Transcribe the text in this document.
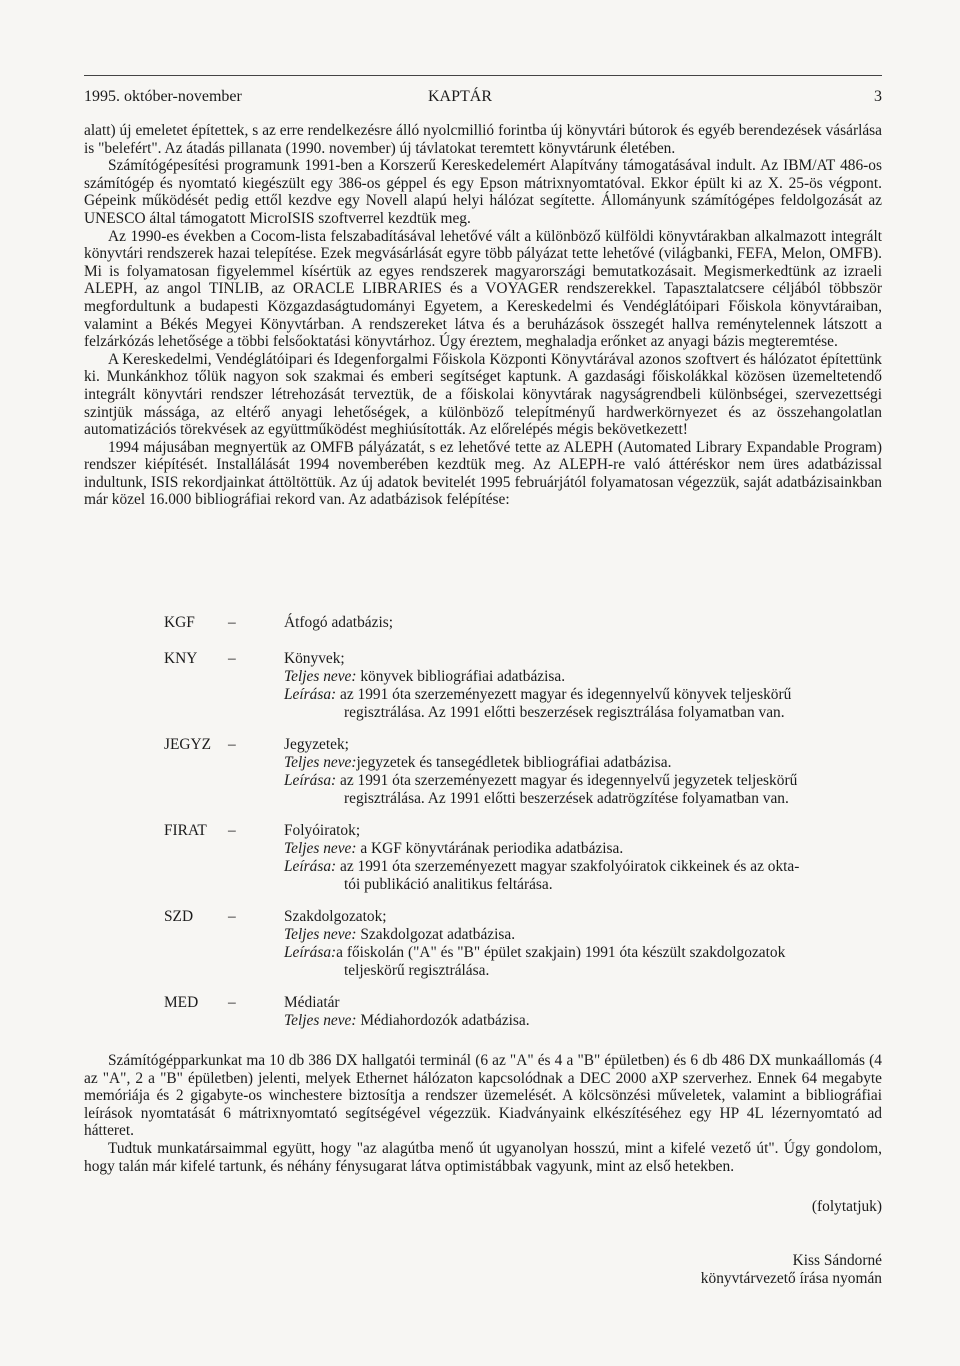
1995. október-november	KAPTÁR	3

alatt) új emeletet építettek, s az erre rendelkezésre álló nyolcmillió forintba új könyvtári bútorok és egyéb berendezések vásárlása is "belefért". Az átadás pillanata (1990. november) új távlatokat teremtett könyvtárunk életében.

Számítógépesítési programunk 1991-ben a Korszerű Kereskedelemért Alapítvány támogatásával indult. Az IBM/AT 486-os számítógép és nyomtató kiegészült egy 386-os géppel és egy Epson mátrixnyomtatóval. Ekkor épült ki az X. 25-ös végpont. Gépeink működését pedig ettől kezdve egy Novell alapú helyi hálózat segítette. Állományunk számítógépes feldolgozását az UNESCO által támogatott MicroISIS szoftverrel kezdtük meg.

Az 1990-es években a Cocom-lista felszabadításával lehetővé vált a különböző külföldi könyvtárakban alkalmazott integrált könyvtári rendszerek hazai telepítése. Ezek megvásárlását egyre több pályázat tette lehetővé (világbanki, FEFA, Melon, OMFB). Mi is folyamatosan figyelemmel kísértük az egyes rendszerek magyarországi bemutatkozásait. Megismerkedtünk az izraeli ALEPH, az angol TINLIB, az ORACLE LIBRARIES és a VOYAGER rendszerekkel. Tapasztalatcsere céljából többször megfordultunk a budapesti Közgazdaságtudományi Egyetem, a Kereskedelmi és Vendéglátóipari Főiskola könyvtáraiban, valamint a Békés Megyei Könyvtárban. A rendszereket látva és a beruházások összegét hallva reménytelennek látszott a felzárkózás lehetősége a többi felsőoktatási könyvtárhoz. Úgy éreztem, meghaladja erőnket az anyagi bázis megteremtése.

A Kereskedelmi, Vendéglátóipari és Idegenforgalmi Főiskola Központi Könyvtárával azonos szoftvert és hálózatot építettünk ki. Munkánkhoz tőlük nagyon sok szakmai és emberi segítséget kaptunk. A gazdasági főiskolákkal közösen üzemeltetendő integrált könyvtári rendszer létrehozását terveztük, de a főiskolai könyvtárak nagyságrendbeli különbségei, szervezettségi szintjük mássága, az eltérő anyagi lehetőségek, a különböző telepítményű hardwerkörnyezet és az összehangolatlan automatizációs törekvések az együttműködést meghiúsították. Az előrelépés mégis bekövetkezett!

1994 májusában megnyertük az OMFB pályázatát, s ez lehetővé tette az ALEPH (Automated Library Expandable Program) rendszer kiépítését. Installálását 1994 novemberében kezdtük meg. Az ALEPH-re való áttéréskor nem üres adatbázissal indultunk, ISIS rekordjainkat áttöltöttük. Az új adatok bevitelét 1995 februárjától folyamatosan végezzük, saját adatbázisainkban már közel 16.000 bibliográfiai rekord van. Az adatbázisok felépítése:

KGF –	Átfogó adatbázis;
KNY –	Könyvek;
Teljes neve: könyvek bibliográfiai adatbázisa.
Leírása: az 1991 óta szerzeményezett magyar és idegennyelvű könyvek teljeskörű
regisztrálása. Az 1991 előtti beszerzések regisztrálása folyamatban van.
JEGYZ –	Jegyzetek;
Teljes neve:jegyzetek és tansegédletek bibliográfiai adatbázisa.
Leírása: az 1991 óta szerzeményezett magyar és idegennyelvű jegyzetek teljeskörű
regisztrálása. Az 1991 előtti beszerzések adatrögzítése folyamatban van.
FIRAT –	Folyóiratok;
Teljes neve: a KGF könyvtárának periodika adatbázisa.
Leírása: az 1991 óta szerzeményezett magyar szakfolyóiratok cikkeinek és az okta-
tói publikáció analitikus feltárása.
SZD –	Szakdolgozatok;
Teljes neve: Szakdolgozat adatbázisa.
Leírása:a főiskolán ("A" és "B" épület szakjain) 1991 óta készült szakdolgozatok
teljeskörű regisztrálása.
MED –	Médiatár
Teljes neve: Médiahordozók adatbázisa.

Számítógépparkunkat ma 10 db 386 DX hallgatói terminál (6 az "A" és 4 a "B" épületben) és 6 db 486 DX munkaállomás (4 az "A", 2 a "B" épületben) jelenti, melyek Ethernet hálózaton kapcsolódnak a DEC 2000 aXP szerverhez. Ennek 64 megabyte memóriája és 2 gigabyte-os winchestere biztosítja a rendszer üzemelését. A kölcsönzési műveletek, valamint a bibliográfiai leírások nyomtatását 6 mátrixnyomtató segítségével végezzük. Kiadványaink elkészítéséhez egy HP 4L lézernyomtató ad hátteret.

Tudtuk munkatársaimmal együtt, hogy "az alagútba menő út ugyanolyan hosszú, mint a kifelé vezető út". Úgy gondolom, hogy talán már kifelé tartunk, és néhány fénysugarat látva optimistábbak vagyunk, mint az első hetekben.

(folytatjuk)
Kiss Sándorné
könyvtárvezető írása nyomán
